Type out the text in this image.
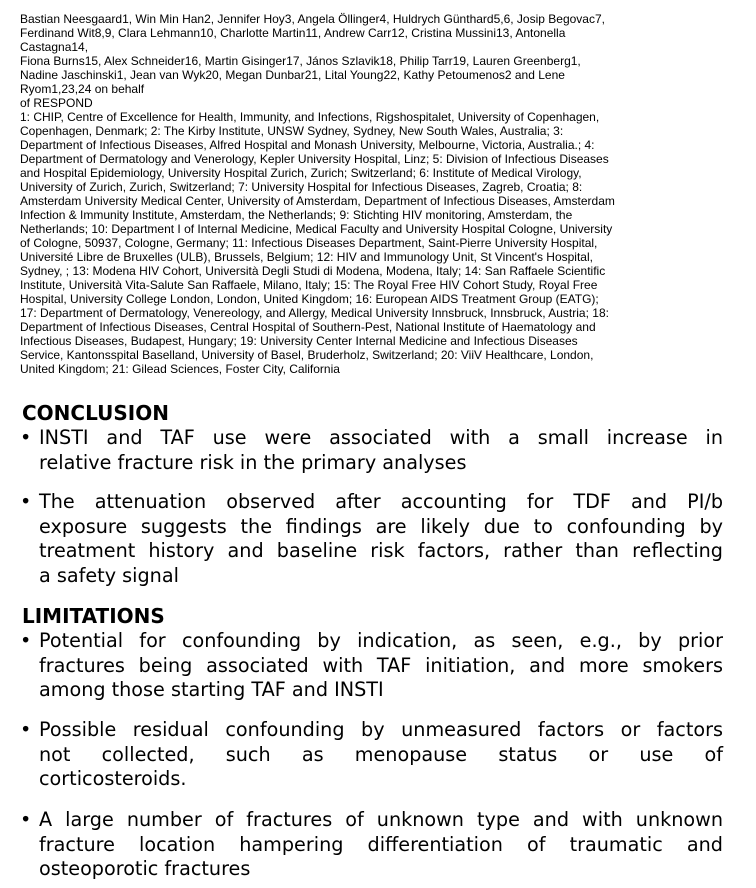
Bastian Neesgaard1, Win Min Han2, Jennifer Hoy3, Angela Öllinger4, Huldrych Günthard5,6, Josip Begovac7,
Ferdinand Wit8,9, Clara Lehmann10, Charlotte Martin11, Andrew Carr12, Cristina Mussini13, Antonella
Castagna14,
Fiona Burns15, Alex Schneider16, Martin Gisinger17, János Szlavik18, Philip Tarr19, Lauren Greenberg1,
Nadine Jaschinski1, Jean van Wyk20, Megan Dunbar21, Lital Young22, Kathy Petoumenos2 and Lene
Ryom1,23,24 on behalf
of RESPOND
1: CHIP, Centre of Excellence for Health, Immunity, and Infections, Rigshospitalet, University of Copenhagen,
Copenhagen, Denmark; 2: The Kirby Institute, UNSW Sydney, Sydney, New South Wales, Australia; 3:
Department of Infectious Diseases, Alfred Hospital and Monash University, Melbourne, Victoria, Australia.; 4:
Department of Dermatology and Venerology, Kepler University Hospital, Linz; 5: Division of Infectious Diseases
and Hospital Epidemiology, University Hospital Zurich, Zurich; Switzerland; 6: Institute of Medical Virology,
University of Zurich, Zurich, Switzerland; 7: University Hospital for Infectious Diseases, Zagreb, Croatia; 8:
Amsterdam University Medical Center, University of Amsterdam, Department of Infectious Diseases, Amsterdam
Infection & Immunity Institute, Amsterdam, the Netherlands; 9: Stichting HIV monitoring, Amsterdam, the
Netherlands; 10: Department I of Internal Medicine, Medical Faculty and University Hospital Cologne, University
of Cologne, 50937, Cologne, Germany; 11: Infectious Diseases Department, Saint-Pierre University Hospital,
Université Libre de Bruxelles (ULB), Brussels, Belgium; 12: HIV and Immunology Unit, St Vincent's Hospital,
Sydney, ; 13: Modena HIV Cohort, Università Degli Studi di Modena, Modena, Italy; 14: San Raffaele Scientific
Institute, Università Vita-Salute San Raffaele, Milano, Italy; 15: The Royal Free HIV Cohort Study, Royal Free
Hospital, University College London, London, United Kingdom; 16: European AIDS Treatment Group (EATG);
17: Department of Dermatology, Venereology, and Allergy, Medical University Innsbruck, Innsbruck, Austria; 18:
Department of Infectious Diseases, Central Hospital of Southern-Pest, National Institute of Haematology and
Infectious Diseases, Budapest, Hungary; 19: University Center Internal Medicine and Infectious Diseases
Service, Kantonsspital Baselland, University of Basel, Bruderholz, Switzerland; 20: ViiV Healthcare, London,
United Kingdom; 21: Gilead Sciences, Foster City, California
CONCLUSION
• INSTI and TAF use were associated with a small increase in
relative fracture risk in the primary analyses
• The attenuation observed after accounting for TDF and PI/b
exposure suggests the findings are likely due to confounding by
treatment history and baseline risk factors, rather than reflecting
a safety signal
LIMITATIONS
• Potential for confounding by indication, as seen, e.g., by prior
fractures being associated with TAF initiation, and more smokers
among those starting TAF and INSTI
• Possible residual confounding by unmeasured factors or factors
not collected, such as menopause status or use of
corticosteroids.
• A large number of fractures of unknown type and with unknown
fracture location hampering differentiation of traumatic and
osteoporotic fractures
